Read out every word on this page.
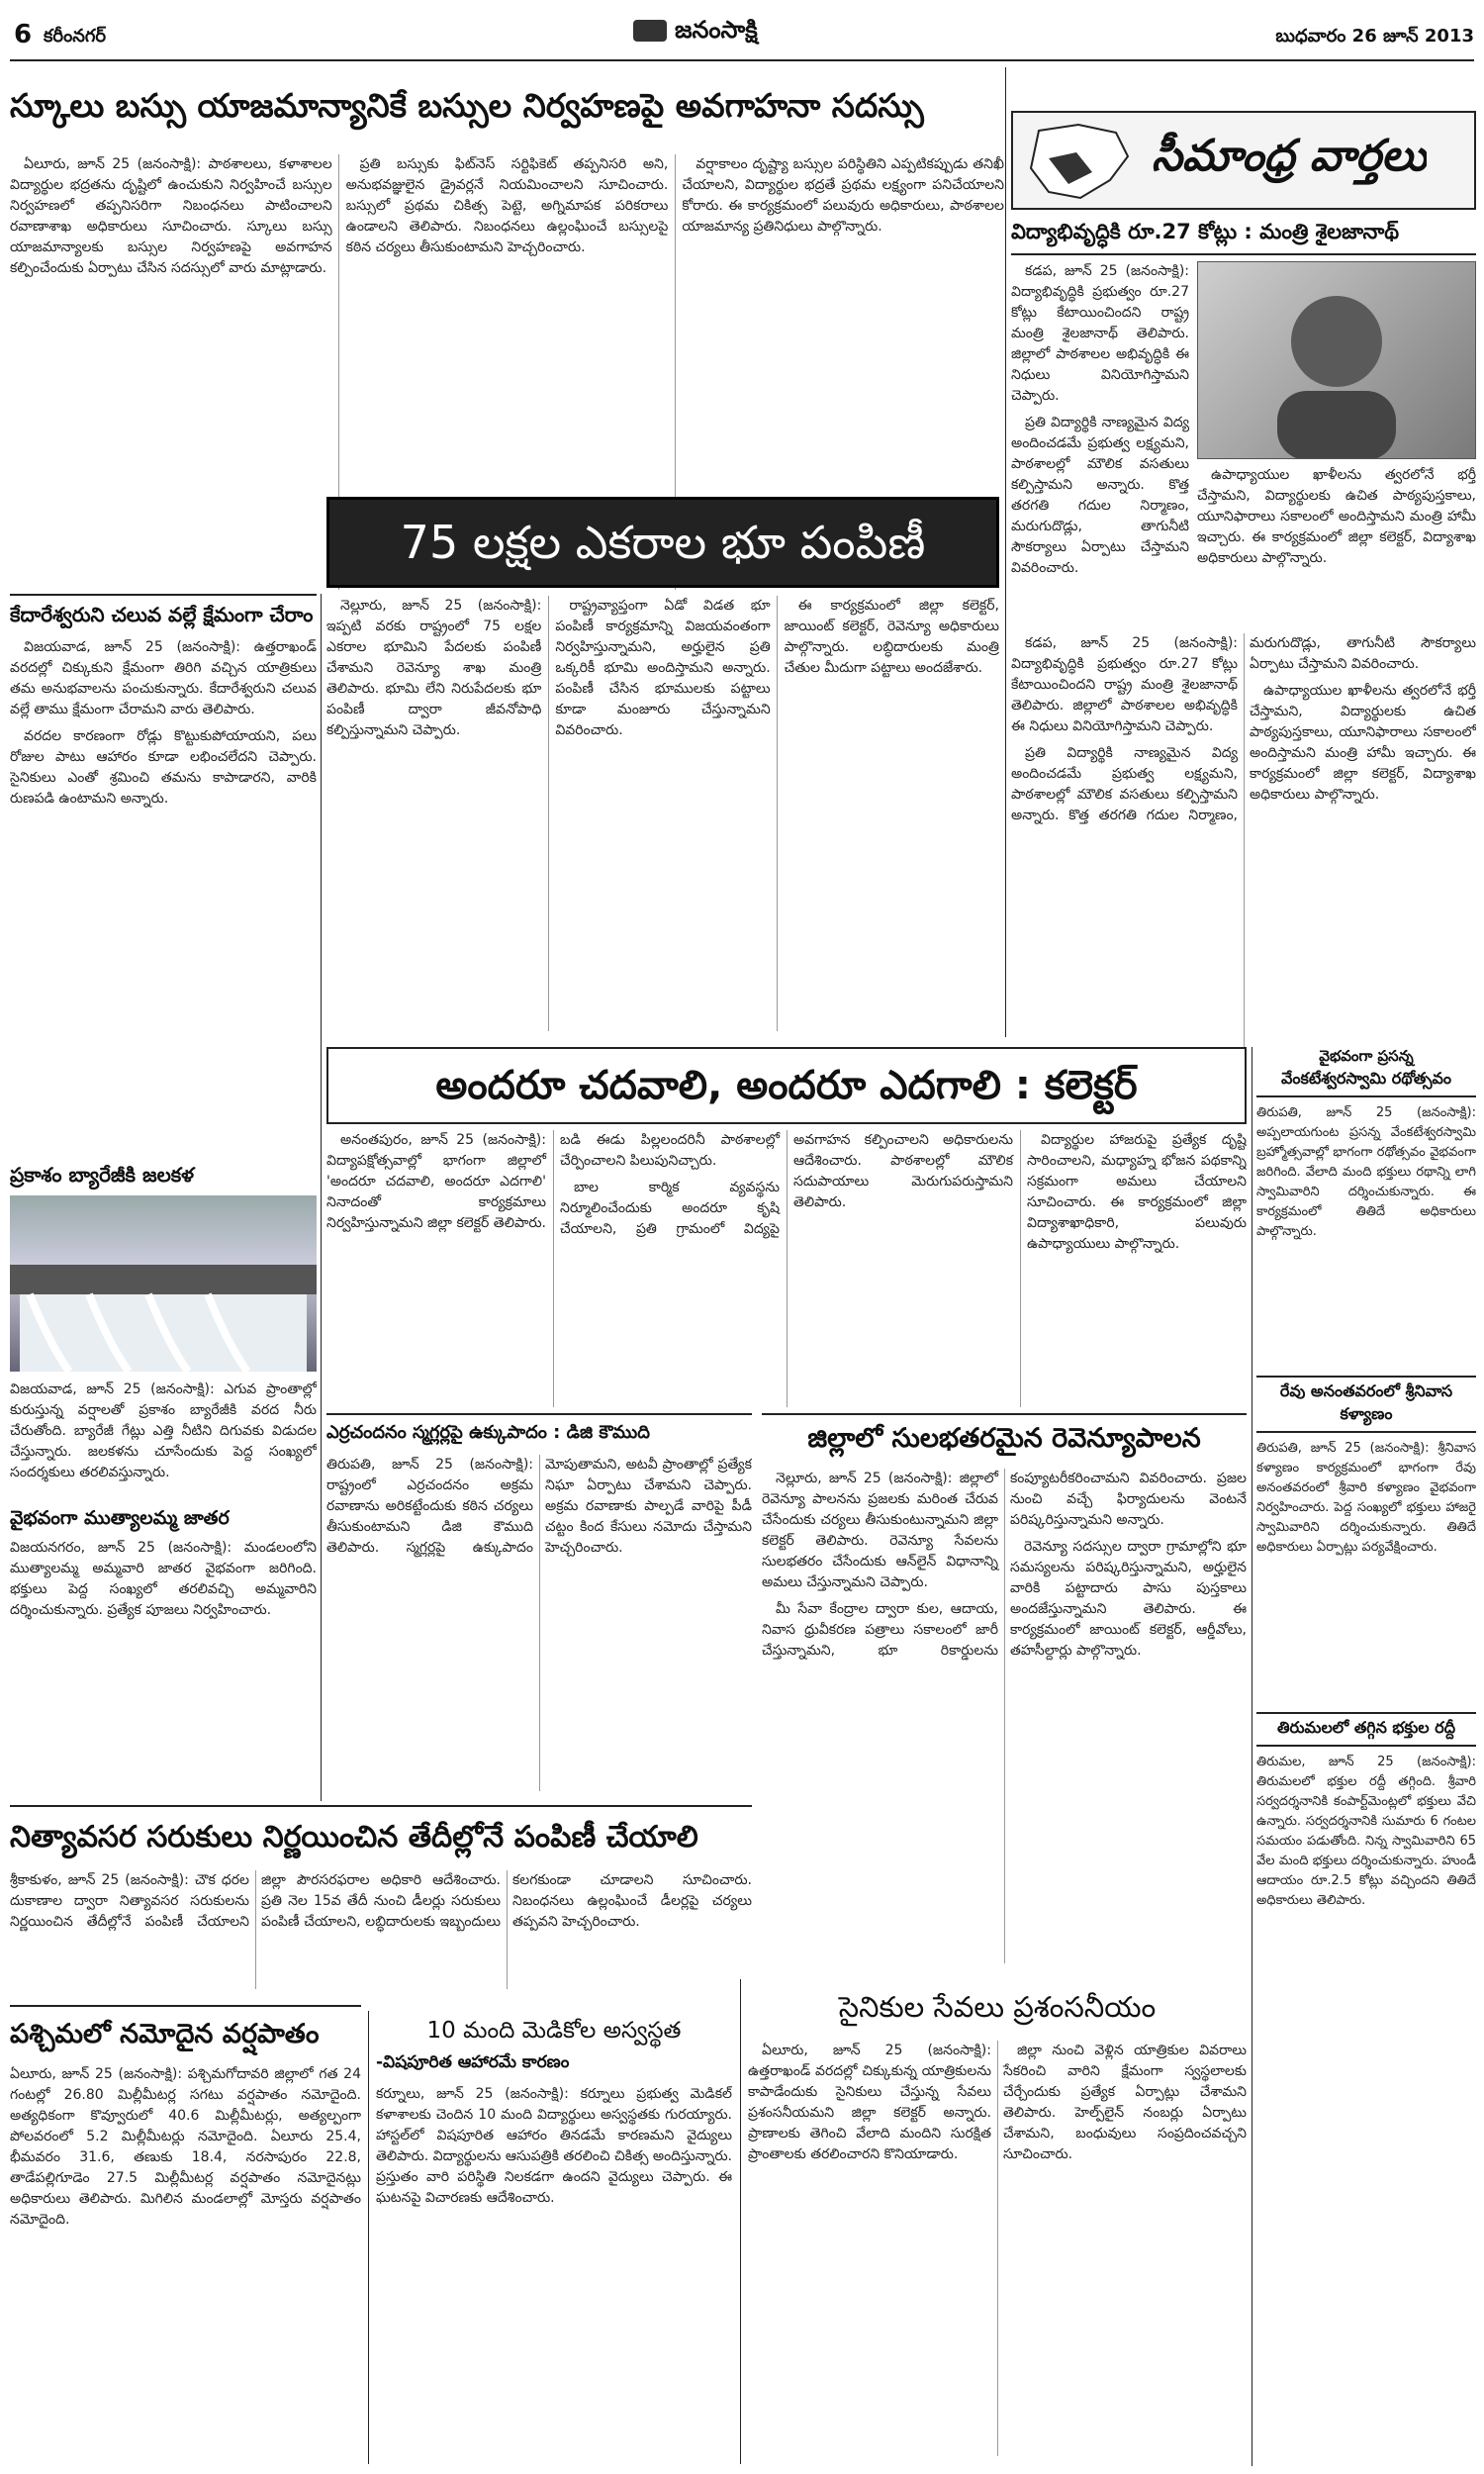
6 కరీంనగర్	జనంసాక్షి	బుధవారం 26 జూన్ 2013
స్కూలు బస్సు యాజమాన్యానికే బస్సుల నిర్వహణపై అవగాహనా సదస్సు

ఏలూరు, జూన్ 25 (జనంసాక్షి): పాఠశాలలు, కళాశాలల విద్యార్థుల భద్రతను దృష్టిలో ఉంచుకుని నిర్వహించే బస్సుల నిర్వహణలో తప్పనిసరిగా నిబంధనలు పాటించాలని రవాణాశాఖ అధికారులు సూచించారు. స్కూలు బస్సు యాజమాన్యాలకు బస్సుల నిర్వహణపై అవగాహన కల్పించేందుకు ఏర్పాటు చేసిన సదస్సులో వారు మాట్లాడారు.

ప్రతి బస్సుకు ఫిట్‌నెస్ సర్టిఫికెట్ తప్పనిసరి అని, అనుభవజ్ఞులైన డ్రైవర్లనే నియమించాలని సూచించారు. బస్సులో ప్రథమ చికిత్స పెట్టె, అగ్నిమాపక పరికరాలు ఉండాలని తెలిపారు. నిబంధనలు ఉల్లంఘించే బస్సులపై కఠిన చర్యలు తీసుకుంటామని హెచ్చరించారు.

వర్షాకాలం దృష్ట్యా బస్సుల పరిస్థితిని ఎప్పటికప్పుడు తనిఖీ చేయాలని, విద్యార్థుల భద్రతే ప్రథమ లక్ష్యంగా పనిచేయాలని కోరారు. ఈ కార్యక్రమంలో పలువురు అధికారులు, పాఠశాలల యాజమాన్య ప్రతినిధులు పాల్గొన్నారు.

సీమాంధ్ర వార్తలు
విద్యాభివృద్ధికి రూ.27 కోట్లు : మంత్రి శైలజానాథ్

కడప, జూన్ 25 (జనంసాక్షి): విద్యాభివృద్ధికి ప్రభుత్వం రూ.27 కోట్లు కేటాయించిందని రాష్ట్ర మంత్రి శైలజానాథ్ తెలిపారు. జిల్లాలో పాఠశాలల అభివృద్ధికి ఈ నిధులు వినియోగిస్తామని చెప్పారు.

ప్రతి విద్యార్థికి నాణ్యమైన విద్య అందించడమే ప్రభుత్వ లక్ష్యమని, పాఠశాలల్లో మౌలిక వసతులు కల్పిస్తామని అన్నారు. కొత్త తరగతి గదుల నిర్మాణం, మరుగుదొడ్లు, తాగునీటి సౌకర్యాలు ఏర్పాటు చేస్తామని వివరించారు.

ఉపాధ్యాయుల ఖాళీలను త్వరలోనే భర్తీ చేస్తామని, విద్యార్థులకు ఉచిత పాఠ్యపుస్తకాలు, యూనిఫారాలు సకాలంలో అందిస్తామని మంత్రి హామీ ఇచ్చారు. ఈ కార్యక్రమంలో జిల్లా కలెక్టర్, విద్యాశాఖ అధికారులు పాల్గొన్నారు.

కేదారేశ్వరుని చలువ వల్లే క్షేమంగా చేరాం

విజయవాడ, జూన్ 25 (జనంసాక్షి): ఉత్తరాఖండ్ వరదల్లో చిక్కుకుని క్షేమంగా తిరిగి వచ్చిన యాత్రికులు తమ అనుభవాలను పంచుకున్నారు. కేదారేశ్వరుని చలువ వల్లే తాము క్షేమంగా చేరామని వారు తెలిపారు.

వరదల కారణంగా రోడ్లు కొట్టుకుపోయాయని, పలు రోజుల పాటు ఆహారం కూడా లభించలేదని చెప్పారు. సైనికులు ఎంతో శ్రమించి తమను కాపాడారని, వారికి రుణపడి ఉంటామని అన్నారు.

75 లక్షల ఎకరాల భూ పంపిణీ

నెల్లూరు, జూన్ 25 (జనంసాక్షి): ఇప్పటి వరకు రాష్ట్రంలో 75 లక్షల ఎకరాల భూమిని పేదలకు పంపిణీ చేశామని రెవెన్యూ శాఖ మంత్రి తెలిపారు. భూమి లేని నిరుపేదలకు భూ పంపిణీ ద్వారా జీవనోపాధి కల్పిస్తున్నామని చెప్పారు.

రాష్ట్రవ్యాప్తంగా ఏడో విడత భూ పంపిణీ కార్యక్రమాన్ని విజయవంతంగా నిర్వహిస్తున్నామని, అర్హులైన ప్రతి ఒక్కరికీ భూమి అందిస్తామని అన్నారు. పంపిణీ చేసిన భూములకు పట్టాలు కూడా మంజూరు చేస్తున్నామని వివరించారు.

ఈ కార్యక్రమంలో జిల్లా కలెక్టర్, జాయింట్ కలెక్టర్, రెవెన్యూ అధికారులు పాల్గొన్నారు. లబ్ధిదారులకు మంత్రి చేతుల మీదుగా పట్టాలు అందజేశారు.

కడప, జూన్ 25 (జనంసాక్షి): విద్యాభివృద్ధికి ప్రభుత్వం రూ.27 కోట్లు కేటాయించిందని రాష్ట్ర మంత్రి శైలజానాథ్ తెలిపారు. జిల్లాలో పాఠశాలల అభివృద్ధికి ఈ నిధులు వినియోగిస్తామని చెప్పారు.

ప్రతి విద్యార్థికి నాణ్యమైన విద్య అందించడమే ప్రభుత్వ లక్ష్యమని, పాఠశాలల్లో మౌలిక వసతులు కల్పిస్తామని అన్నారు. కొత్త తరగతి గదుల నిర్మాణం, మరుగుదొడ్లు, తాగునీటి సౌకర్యాలు ఏర్పాటు చేస్తామని వివరించారు.

ఉపాధ్యాయుల ఖాళీలను త్వరలోనే భర్తీ చేస్తామని, విద్యార్థులకు ఉచిత పాఠ్యపుస్తకాలు, యూనిఫారాలు సకాలంలో అందిస్తామని మంత్రి హామీ ఇచ్చారు. ఈ కార్యక్రమంలో జిల్లా కలెక్టర్, విద్యాశాఖ అధికారులు పాల్గొన్నారు.

అందరూ చదవాలి, అందరూ ఎదగాలి : కలెక్టర్

అనంతపురం, జూన్ 25 (జనంసాక్షి): విద్యాపక్షోత్సవాల్లో భాగంగా జిల్లాలో 'అందరూ చదవాలి, అందరూ ఎదగాలి' నినాదంతో కార్యక్రమాలు నిర్వహిస్తున్నామని జిల్లా కలెక్టర్ తెలిపారు. బడి ఈడు పిల్లలందరినీ పాఠశాలల్లో చేర్పించాలని పిలుపునిచ్చారు.

బాల కార్మిక వ్యవస్థను నిర్మూలించేందుకు అందరూ కృషి చేయాలని, ప్రతి గ్రామంలో విద్యపై అవగాహన కల్పించాలని అధికారులను ఆదేశించారు. పాఠశాలల్లో మౌలిక సదుపాయాలు మెరుగుపరుస్తామని తెలిపారు.

విద్యార్థుల హాజరుపై ప్రత్యేక దృష్టి సారించాలని, మధ్యాహ్న భోజన పథకాన్ని సక్రమంగా అమలు చేయాలని సూచించారు. ఈ కార్యక్రమంలో జిల్లా విద్యాశాఖాధికారి, పలువురు ఉపాధ్యాయులు పాల్గొన్నారు.

ప్రకాశం బ్యారేజీకి జలకళ
విజయవాడ, జూన్ 25 (జనంసాక్షి): ఎగువ ప్రాంతాల్లో కురుస్తున్న వర్షాలతో ప్రకాశం బ్యారేజీకి వరద నీరు చేరుతోంది. బ్యారేజీ గేట్లు ఎత్తి నీటిని దిగువకు విడుదల చేస్తున్నారు. జలకళను చూసేందుకు పెద్ద సంఖ్యలో సందర్శకులు తరలివస్తున్నారు.
వైభవంగా ముత్యాలమ్మ జాతర
విజయనగరం, జూన్ 25 (జనంసాక్షి): మండలంలోని ముత్యాలమ్మ అమ్మవారి జాతర వైభవంగా జరిగింది. భక్తులు పెద్ద సంఖ్యలో తరలివచ్చి అమ్మవారిని దర్శించుకున్నారు. ప్రత్యేక పూజలు నిర్వహించారు.
వైభవంగా ప్రసన్న
వేంకటేశ్వరస్వామి రథోత్సవం
తిరుపతి, జూన్ 25 (జనంసాక్షి): అప్పలాయగుంట ప్రసన్న వేంకటేశ్వరస్వామి బ్రహ్మోత్సవాల్లో భాగంగా రథోత్సవం వైభవంగా జరిగింది. వేలాది మంది భక్తులు రథాన్ని లాగి స్వామివారిని దర్శించుకున్నారు. ఈ కార్యక్రమంలో తితిదే అధికారులు పాల్గొన్నారు.
ఎర్రచందనం స్మగ్లర్లపై ఉక్కుపాదం : డిజి కౌముది
తిరుపతి, జూన్ 25 (జనంసాక్షి): రాష్ట్రంలో ఎర్రచందనం అక్రమ రవాణాను అరికట్టేందుకు కఠిన చర్యలు తీసుకుంటామని డిజి కౌముది తెలిపారు. స్మగ్లర్లపై ఉక్కుపాదం మోపుతామని, అటవీ ప్రాంతాల్లో ప్రత్యేక నిఘా ఏర్పాటు చేశామని చెప్పారు. అక్రమ రవాణాకు పాల్పడే వారిపై పీడీ చట్టం కింద కేసులు నమోదు చేస్తామని హెచ్చరించారు.
జిల్లాలో సులభతరమైన రెవెన్యూపాలన

నెల్లూరు, జూన్ 25 (జనంసాక్షి): జిల్లాలో రెవెన్యూ పాలనను ప్రజలకు మరింత చేరువ చేసేందుకు చర్యలు తీసుకుంటున్నామని జిల్లా కలెక్టర్ తెలిపారు. రెవెన్యూ సేవలను సులభతరం చేసేందుకు ఆన్‌లైన్ విధానాన్ని అమలు చేస్తున్నామని చెప్పారు.

మీ సేవా కేంద్రాల ద్వారా కుల, ఆదాయ, నివాస ధ్రువీకరణ పత్రాలు సకాలంలో జారీ చేస్తున్నామని, భూ రికార్డులను కంప్యూటరీకరించామని వివరించారు. ప్రజల నుంచి వచ్చే ఫిర్యాదులను వెంటనే పరిష్కరిస్తున్నామని అన్నారు.

రెవెన్యూ సదస్సుల ద్వారా గ్రామాల్లోని భూ సమస్యలను పరిష్కరిస్తున్నామని, అర్హులైన వారికి పట్టాదారు పాసు పుస్తకాలు అందజేస్తున్నామని తెలిపారు. ఈ కార్యక్రమంలో జాయింట్ కలెక్టర్, ఆర్డీవోలు, తహసీల్దార్లు పాల్గొన్నారు.

రేవు అనంతవరంలో శ్రీనివాస కళ్యాణం
తిరుపతి, జూన్ 25 (జనంసాక్షి): శ్రీనివాస కళ్యాణం కార్యక్రమంలో భాగంగా రేవు అనంతవరంలో శ్రీవారి కళ్యాణం వైభవంగా నిర్వహించారు. పెద్ద సంఖ్యలో భక్తులు హాజరై స్వామివారిని దర్శించుకున్నారు. తితిదే అధికారులు ఏర్పాట్లు పర్యవేక్షించారు.
తిరుమలలో తగ్గిన భక్తుల రద్దీ
తిరుమల, జూన్ 25 (జనంసాక్షి): తిరుమలలో భక్తుల రద్దీ తగ్గింది. శ్రీవారి సర్వదర్శనానికి కంపార్ట్‌మెంట్లలో భక్తులు వేచి ఉన్నారు. సర్వదర్శనానికి సుమారు 6 గంటల సమయం పడుతోంది. నిన్న స్వామివారిని 65 వేల మంది భక్తులు దర్శించుకున్నారు. హుండీ ఆదాయం రూ.2.5 కోట్లు వచ్చిందని తితిదే అధికారులు తెలిపారు.
నిత్యావసర సరుకులు నిర్ణయించిన తేదీల్లోనే పంపిణీ చేయాలి
శ్రీకాకుళం, జూన్ 25 (జనంసాక్షి): చౌక ధరల దుకాణాల ద్వారా నిత్యావసర సరుకులను నిర్ణయించిన తేదీల్లోనే పంపిణీ చేయాలని జిల్లా పౌరసరఫరాల అధికారి ఆదేశించారు. ప్రతి నెల 15వ తేదీ నుంచి డీలర్లు సరుకులు పంపిణీ చేయాలని, లబ్ధిదారులకు ఇబ్బందులు కలగకుండా చూడాలని సూచించారు. నిబంధనలు ఉల్లంఘించే డీలర్లపై చర్యలు తప్పవని హెచ్చరించారు.
పశ్చిమలో నమోదైన వర్షపాతం
ఏలూరు, జూన్ 25 (జనంసాక్షి): పశ్చిమగోదావరి జిల్లాలో గత 24 గంటల్లో 26.80 మిల్లీమీటర్ల సగటు వర్షపాతం నమోదైంది. అత్యధికంగా కొవ్వూరులో 40.6 మిల్లీమీటర్లు, అత్యల్పంగా పోలవరంలో 5.2 మిల్లీమీటర్లు నమోదైంది. ఏలూరు 25.4, భీమవరం 31.6, తణుకు 18.4, నరసాపురం 22.8, తాడేపల్లిగూడెం 27.5 మిల్లీమీటర్ల వర్షపాతం నమోదైనట్లు అధికారులు తెలిపారు. మిగిలిన మండలాల్లో మోస్తరు వర్షపాతం నమోదైంది.
10 మంది మెడికోల అస్వస్థత
-విషపూరిత ఆహారమే కారణం
కర్నూలు, జూన్ 25 (జనంసాక్షి): కర్నూలు ప్రభుత్వ మెడికల్ కళాశాలకు చెందిన 10 మంది విద్యార్థులు అస్వస్థతకు గురయ్యారు. హాస్టల్‌లో విషపూరిత ఆహారం తినడమే కారణమని వైద్యులు తెలిపారు. విద్యార్థులను ఆసుపత్రికి తరలించి చికిత్స అందిస్తున్నారు. ప్రస్తుతం వారి పరిస్థితి నిలకడగా ఉందని వైద్యులు చెప్పారు. ఈ ఘటనపై విచారణకు ఆదేశించారు.
సైనికుల సేవలు ప్రశంసనీయం

ఏలూరు, జూన్ 25 (జనంసాక్షి): ఉత్తరాఖండ్ వరదల్లో చిక్కుకున్న యాత్రికులను కాపాడేందుకు సైనికులు చేస్తున్న సేవలు ప్రశంసనీయమని జిల్లా కలెక్టర్ అన్నారు. ప్రాణాలకు తెగించి వేలాది మందిని సురక్షిత ప్రాంతాలకు తరలించారని కొనియాడారు.

జిల్లా నుంచి వెళ్లిన యాత్రికుల వివరాలు సేకరించి వారిని క్షేమంగా స్వస్థలాలకు చేర్చేందుకు ప్రత్యేక ఏర్పాట్లు చేశామని తెలిపారు. హెల్ప్‌లైన్ నంబర్లు ఏర్పాటు చేశామని, బంధువులు సంప్రదించవచ్చని సూచించారు.
